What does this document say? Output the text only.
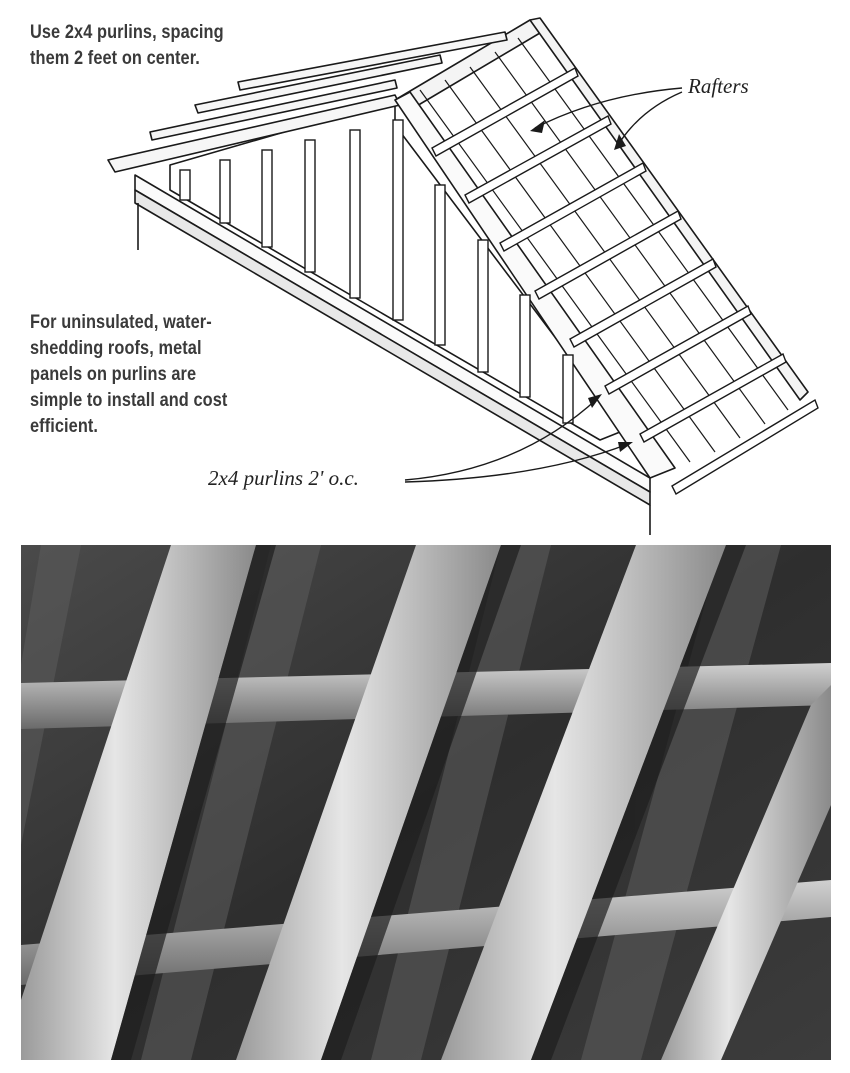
Use 2x4 purlins, spacing
them 2 feet on center.
For uninsulated, water-
shedding roofs, metal
panels on purlins are
simple to install and cost
efficient.
Rafters
2x4 purlins 2' o.c.
